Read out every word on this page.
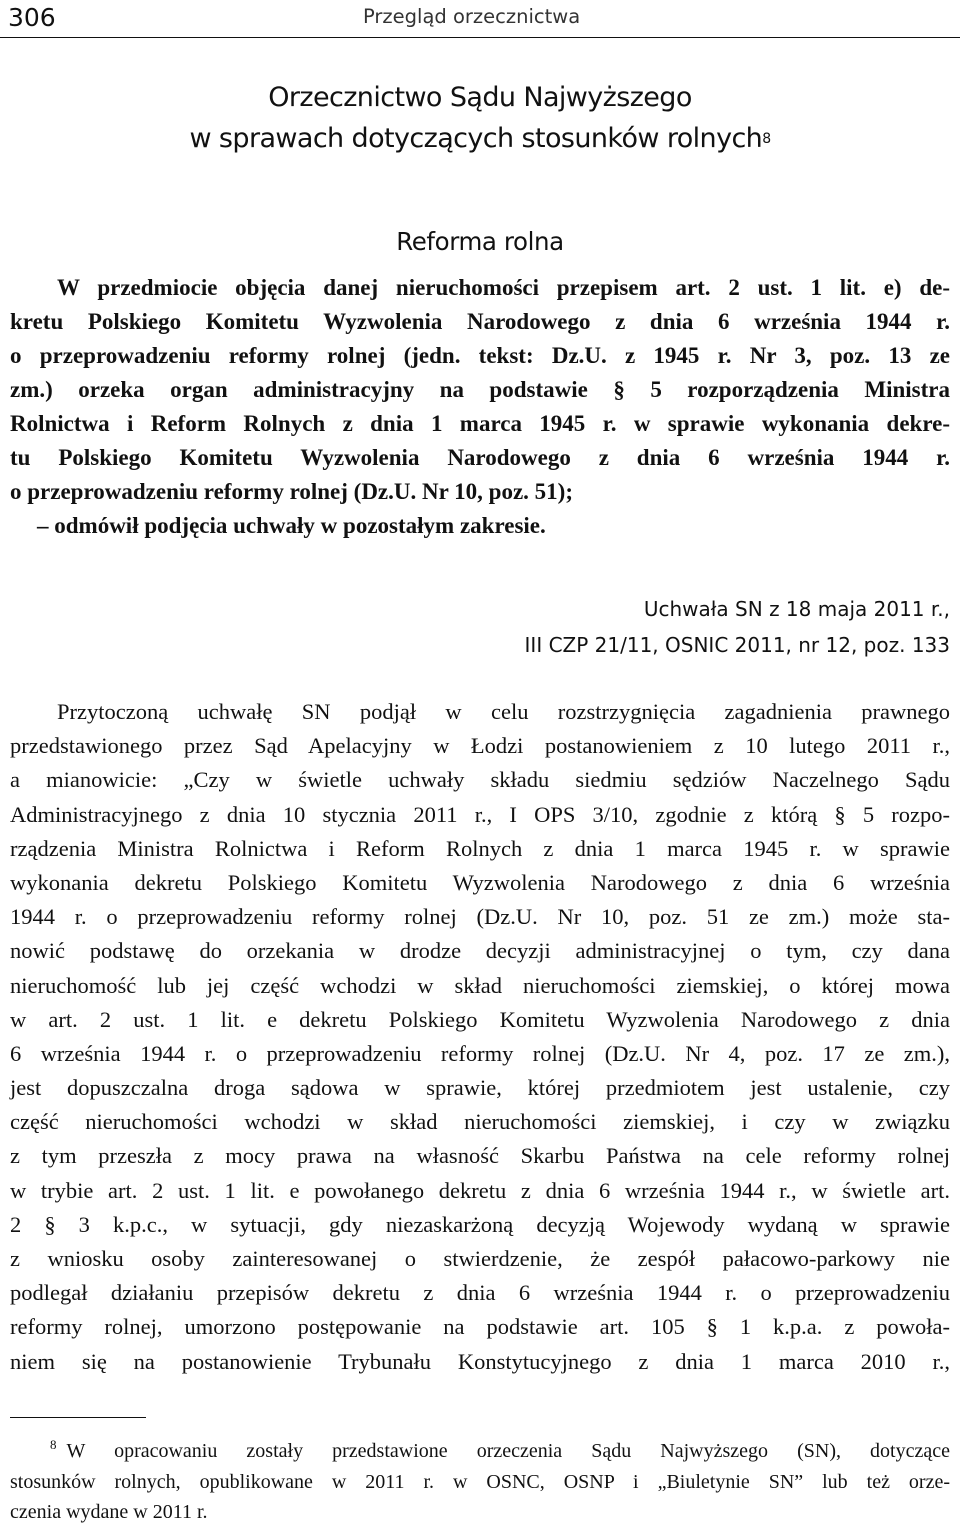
306	Przegląd orzecznictwa
Orzecznictwo Sądu Najwyższego
w sprawach dotyczących stosunków rolnych$^8$
Reforma rolna
W przedmiocie objęcia danej nieruchomości przepisem art. 2 ust. 1 lit. e) de-
kretu Polskiego Komitetu Wyzwolenia Narodowego z dnia 6 września 1944 r.
o przeprowadzeniu reformy rolnej (jedn. tekst: Dz.U. z 1945 r. Nr 3, poz. 13 ze
zm.) orzeka organ administracyjny na podstawie § 5 rozporządzenia Ministra
Rolnictwa i Reform Rolnych z dnia 1 marca 1945 r. w sprawie wykonania dekre-
tu Polskiego Komitetu Wyzwolenia Narodowego z dnia 6 września 1944 r.
o przeprowadzeniu reformy rolnej (Dz.U. Nr 10, poz. 51);
– odmówił podjęcia uchwały w pozostałym zakresie.
Uchwała SN z 18 maja 2011 r.,
III CZP 21/11, OSNIC 2011, nr 12, poz. 133
Przytoczoną uchwałę SN podjął w celu rozstrzygnięcia zagadnienia prawnego
przedstawionego przez Sąd Apelacyjny w Łodzi postanowieniem z 10 lutego 2011 r.,
a mianowicie: „Czy w świetle uchwały składu siedmiu sędziów Naczelnego Sądu
Administracyjnego z dnia 10 stycznia 2011 r., I OPS 3/10, zgodnie z którą § 5 rozpo-
rządzenia Ministra Rolnictwa i Reform Rolnych z dnia 1 marca 1945 r. w sprawie
wykonania dekretu Polskiego Komitetu Wyzwolenia Narodowego z dnia 6 września
1944 r. o przeprowadzeniu reformy rolnej (Dz.U. Nr 10, poz. 51 ze zm.) może sta-
nowić podstawę do orzekania w drodze decyzji administracyjnej o tym, czy dana
nieruchomość lub jej część wchodzi w skład nieruchomości ziemskiej, o której mowa
w art. 2 ust. 1 lit. e dekretu Polskiego Komitetu Wyzwolenia Narodowego z dnia
6 września 1944 r. o przeprowadzeniu reformy rolnej (Dz.U. Nr 4, poz. 17 ze zm.),
jest dopuszczalna droga sądowa w sprawie, której przedmiotem jest ustalenie, czy
część nieruchomości wchodzi w skład nieruchomości ziemskiej, i czy w związku
z tym przeszła z mocy prawa na własność Skarbu Państwa na cele reformy rolnej
w trybie art. 2 ust. 1 lit. e powołanego dekretu z dnia 6 września 1944 r., w świetle art.
2 § 3 k.p.c., w sytuacji, gdy niezaskarżoną decyzją Wojewody wydaną w sprawie
z wniosku osoby zainteresowanej o stwierdzenie, że zespół pałacowo-parkowy nie
podlegał działaniu przepisów dekretu z dnia 6 września 1944 r. o przeprowadzeniu
reformy rolnej, umorzono postępowanie na podstawie art. 105 § 1 k.p.a. z powoła-
niem się na postanowienie Trybunału Konstytucyjnego z dnia 1 marca 2010 r.,
$^8$ W opracowaniu zostały przedstawione orzeczenia Sądu Najwyższego (SN), dotyczące
stosunków rolnych, opublikowane w 2011 r. w OSNC, OSNP i „Biuletynie SN” lub też orze-
czenia wydane w 2011 r.
